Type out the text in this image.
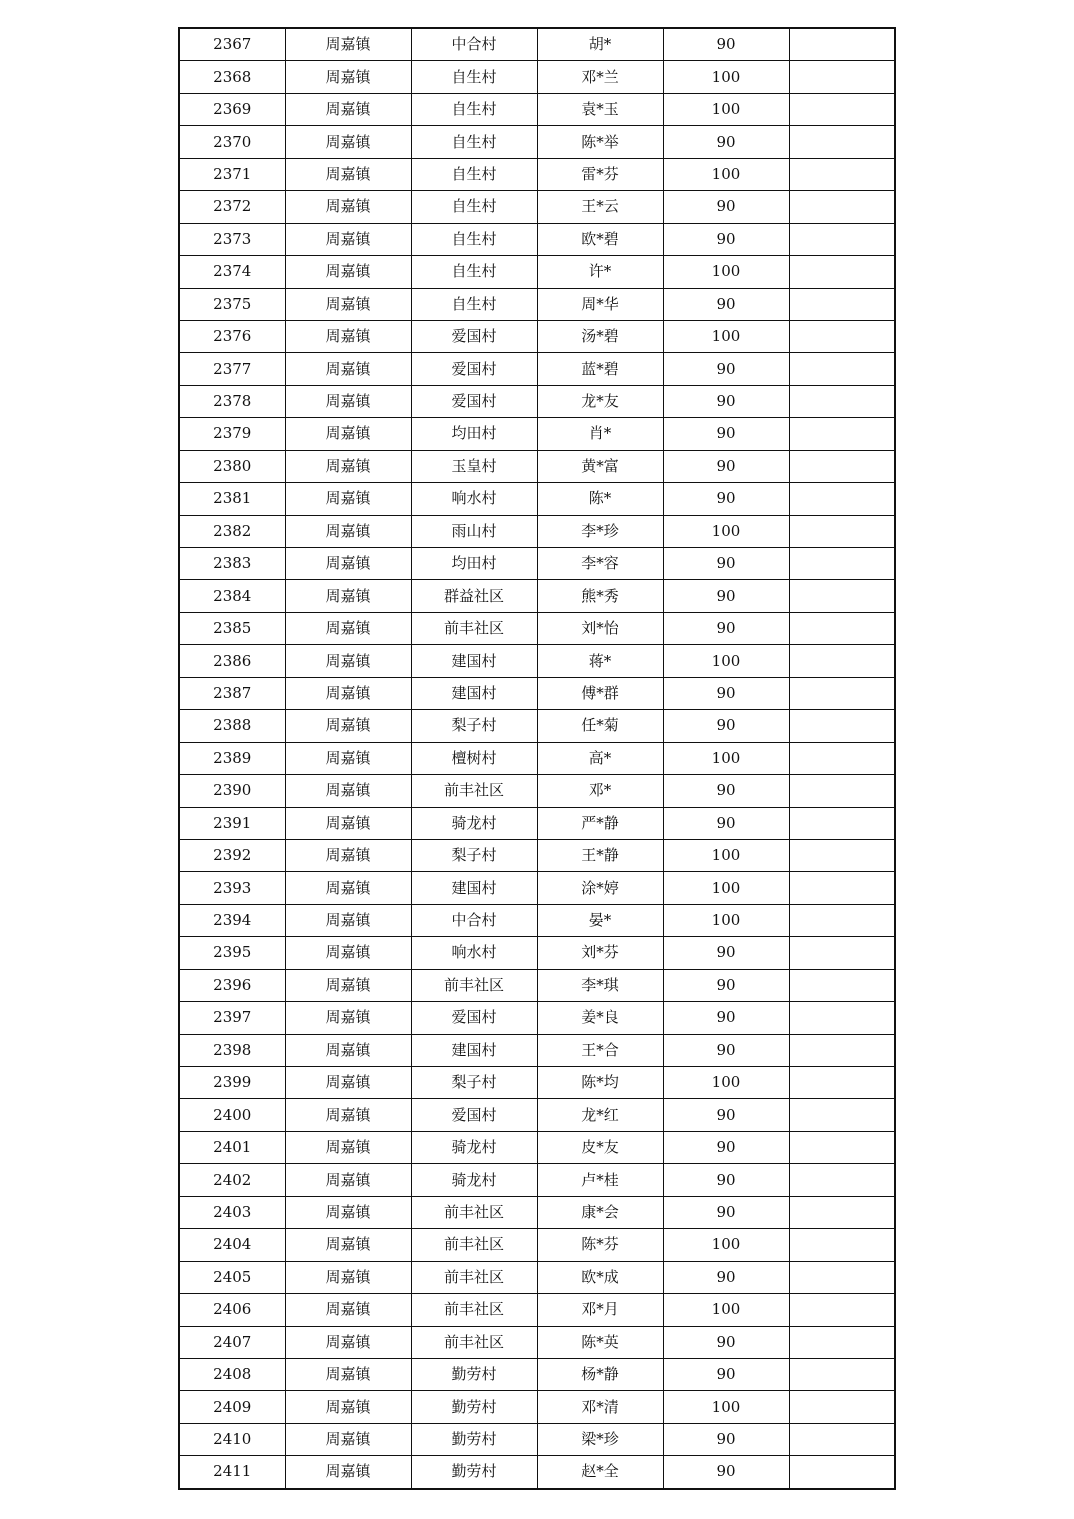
2367	周嘉镇	中合村	胡*	90	
2368	周嘉镇	自生村	邓*兰	100	
2369	周嘉镇	自生村	袁*玉	100	
2370	周嘉镇	自生村	陈*举	90	
2371	周嘉镇	自生村	雷*芬	100	
2372	周嘉镇	自生村	王*云	90	
2373	周嘉镇	自生村	欧*碧	90	
2374	周嘉镇	自生村	许*	100	
2375	周嘉镇	自生村	周*华	90	
2376	周嘉镇	爱国村	汤*碧	100	
2377	周嘉镇	爱国村	蓝*碧	90	
2378	周嘉镇	爱国村	龙*友	90	
2379	周嘉镇	均田村	肖*	90	
2380	周嘉镇	玉皇村	黄*富	90	
2381	周嘉镇	响水村	陈*	90	
2382	周嘉镇	雨山村	李*珍	100	
2383	周嘉镇	均田村	李*容	90	
2384	周嘉镇	群益社区	熊*秀	90	
2385	周嘉镇	前丰社区	刘*怡	90	
2386	周嘉镇	建国村	蒋*	100	
2387	周嘉镇	建国村	傅*群	90	
2388	周嘉镇	梨子村	任*菊	90	
2389	周嘉镇	檀树村	高*	100	
2390	周嘉镇	前丰社区	邓*	90	
2391	周嘉镇	骑龙村	严*静	90	
2392	周嘉镇	梨子村	王*静	100	
2393	周嘉镇	建国村	涂*婷	100	
2394	周嘉镇	中合村	晏*	100	
2395	周嘉镇	响水村	刘*芬	90	
2396	周嘉镇	前丰社区	李*琪	90	
2397	周嘉镇	爱国村	姜*良	90	
2398	周嘉镇	建国村	王*合	90	
2399	周嘉镇	梨子村	陈*均	100	
2400	周嘉镇	爱国村	龙*红	90	
2401	周嘉镇	骑龙村	皮*友	90	
2402	周嘉镇	骑龙村	卢*桂	90	
2403	周嘉镇	前丰社区	康*会	90	
2404	周嘉镇	前丰社区	陈*芬	100	
2405	周嘉镇	前丰社区	欧*成	90	
2406	周嘉镇	前丰社区	邓*月	100	
2407	周嘉镇	前丰社区	陈*英	90	
2408	周嘉镇	勤劳村	杨*静	90	
2409	周嘉镇	勤劳村	邓*清	100	
2410	周嘉镇	勤劳村	梁*珍	90	
2411	周嘉镇	勤劳村	赵*全	90	
